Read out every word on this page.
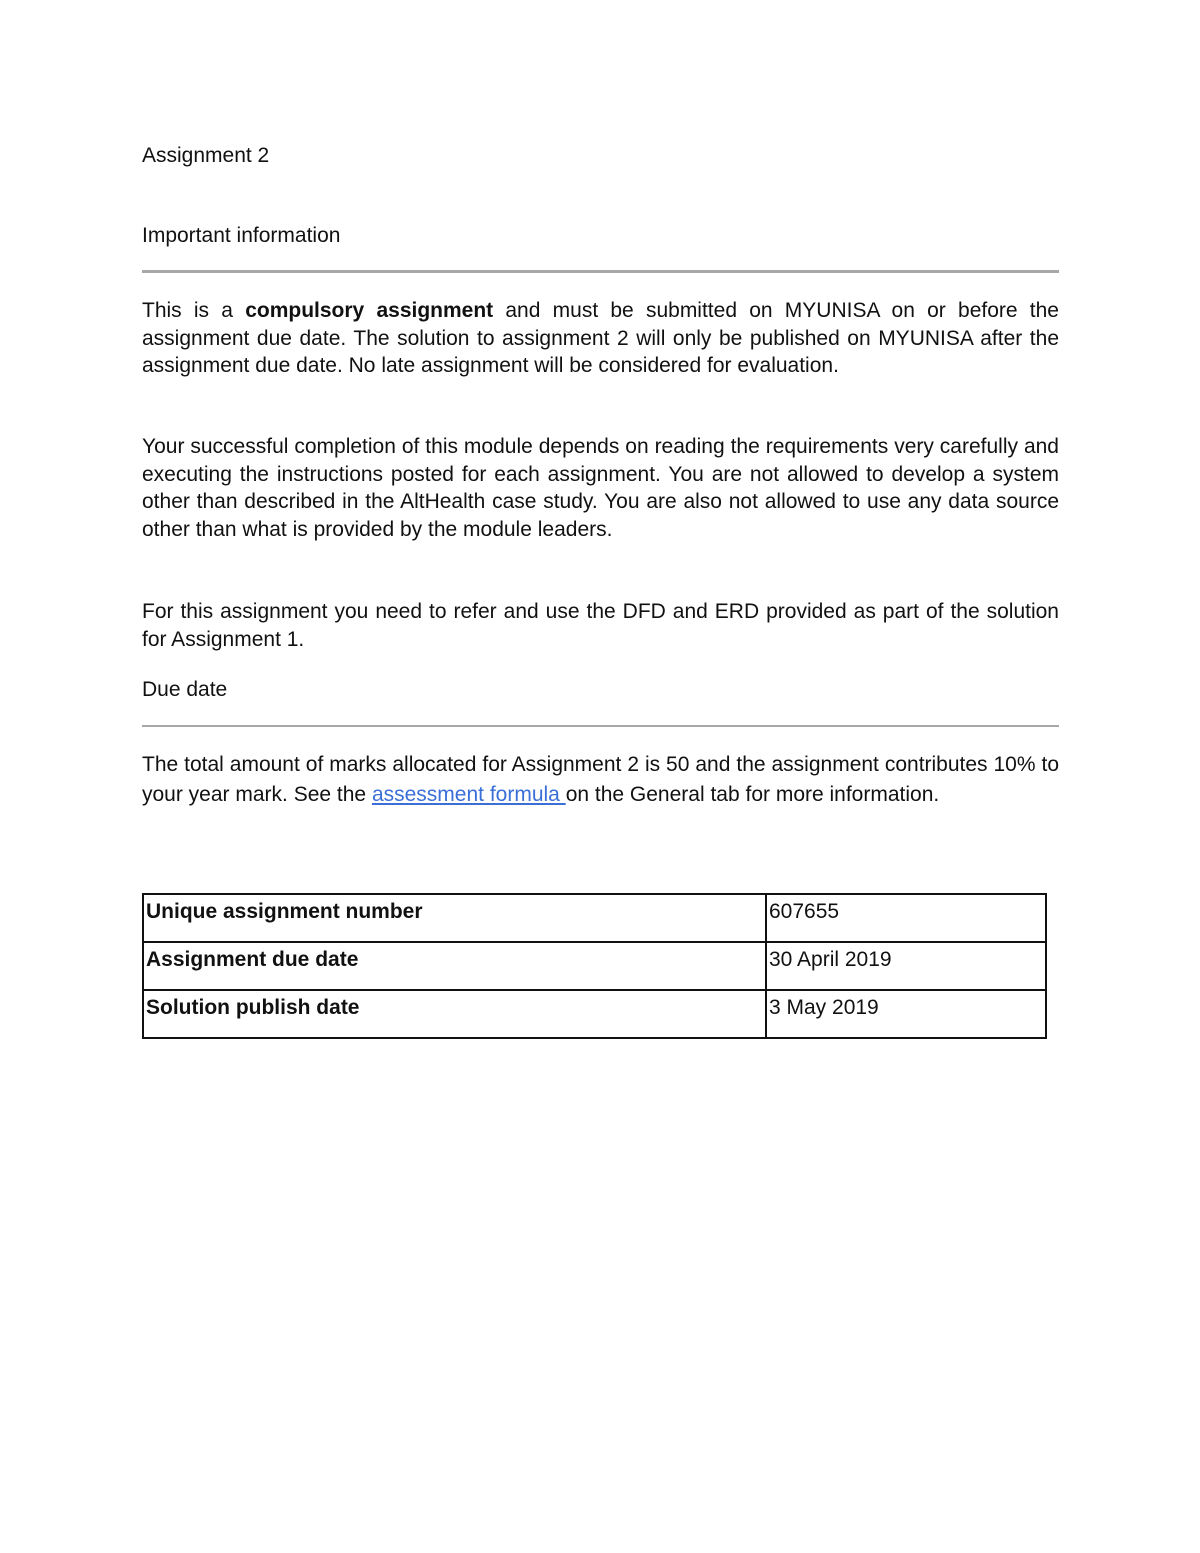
Assignment 2
Important information
This is a compulsory assignment and must be submitted on MYUNISA on or before the assignment due date. The solution to assignment 2 will only be published on MYUNISA after the assignment due date. No late assignment will be considered for evaluation.
Your successful completion of this module depends on reading the requirements very carefully and executing the instructions posted for each assignment. You are not allowed to develop a system other than described in the AltHealth case study. You are also not allowed to use any data source other than what is provided by the module leaders.
For this assignment you need to refer and use the DFD and ERD provided as part of the solution for Assignment 1.
Due date
The total amount of marks allocated for Assignment 2 is 50 and the assignment contributes 10% to your year mark. See the assessment formula on the General tab for more information.
Unique assignment number	607655
Assignment due date	30 April 2019
Solution publish date	3 May 2019
